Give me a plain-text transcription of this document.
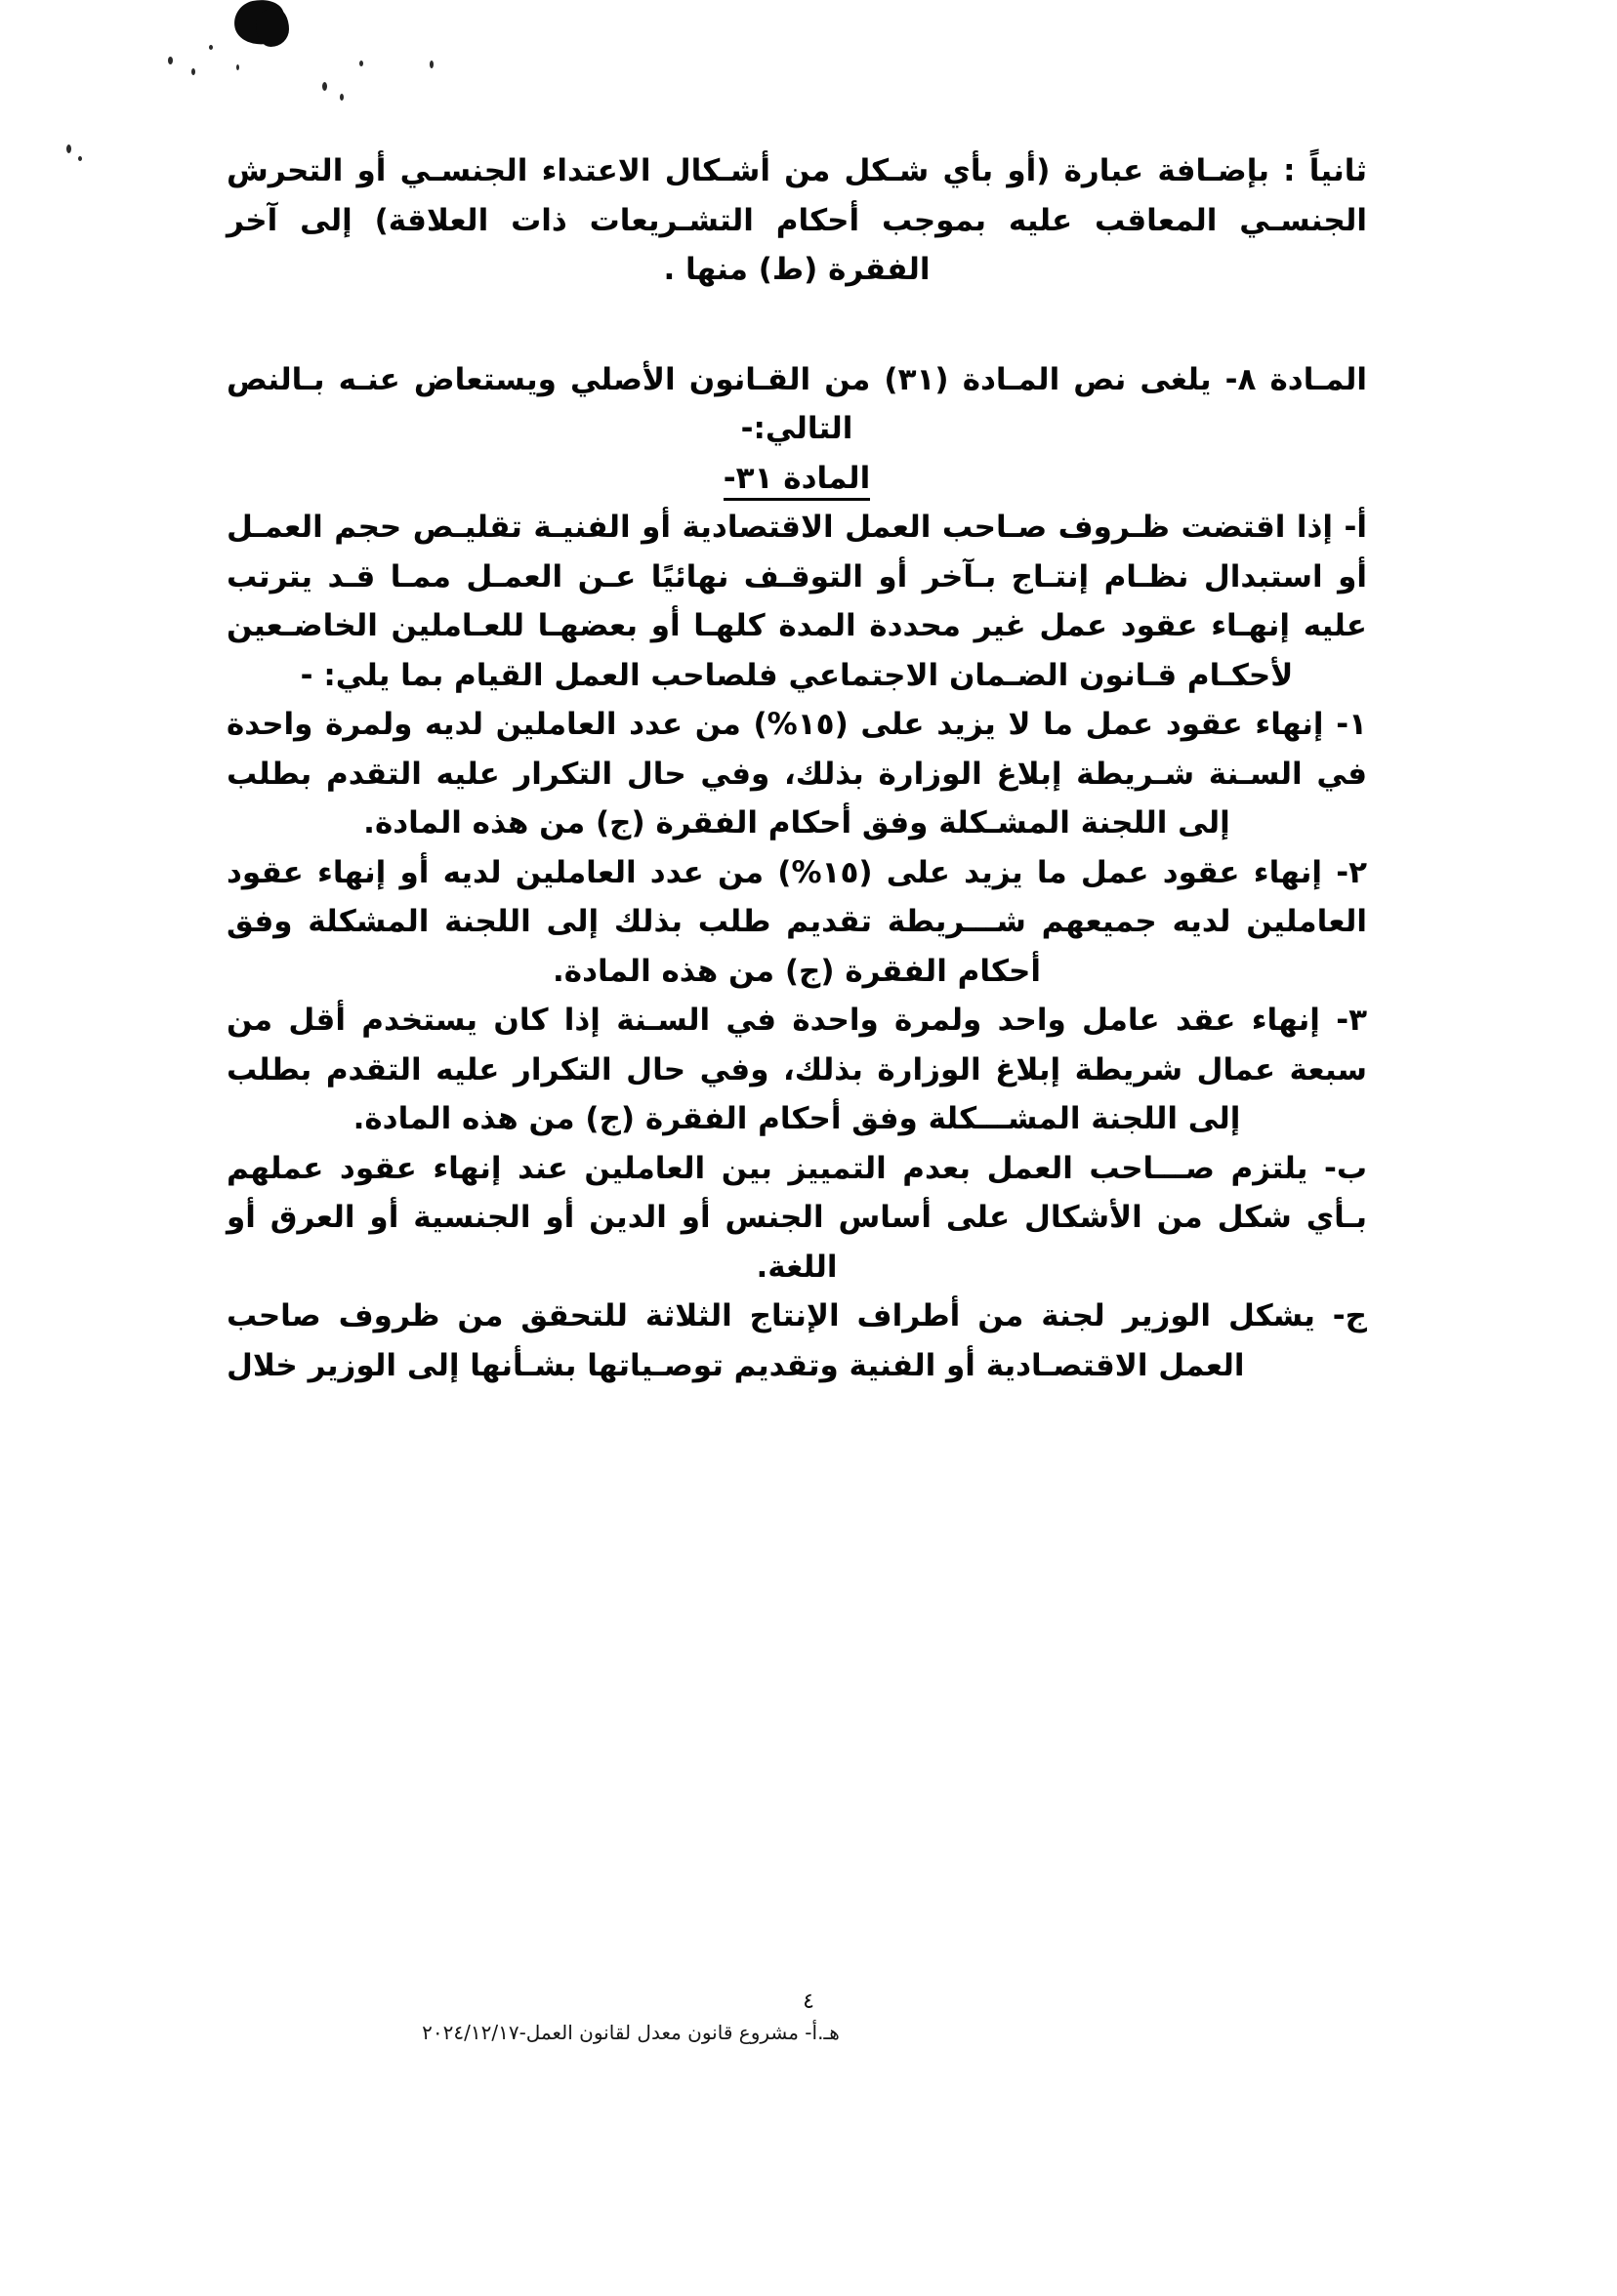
ثانياً : بإضـافة عبارة (أو بأي شـكل من أشـكال الاعتداء الجنسـي أو التحرش الجنسـي المعاقب عليه بموجب أحكام التشـريعات ذات العلاقة) إلى آخر الفقرة (ط) منها .

المـادة ٨- يلغى نص المـادة (٣١) من القـانون الأصلي ويستعاض عنـه بـالنص التالي:-

المادة ٣١-

أ- إذا اقتضت ظـروف صـاحب العمل الاقتصادية أو الفنيـة تقليـص حجم العمـل أو استبدال نظـام إنتـاج بـآخر أو التوقـف نهائيًا عـن العمـل ممـا قـد يترتب عليه إنهـاء عقود عمل غير محددة المدة كلهـا أو بعضهـا للعـاملين الخاضـعين لأحكـام قـانون الضـمان الاجتماعي فلصاحب العمل القيام بما يلي: -

١- إنهاء عقود عمل ما لا يزيد على (١٥%) من عدد العاملين لديه ولمرة واحدة في السـنة شـريطة إبلاغ الوزارة بذلك، وفي حال التكرار عليه التقدم بطلب إلى اللجنة المشـكلة وفق أحكام الفقرة (ج) من هذه المادة.

٢- إنهاء عقود عمل ما يزيد على (١٥%) من عدد العاملين لديه أو إنهاء عقود العاملين لديه جميعهم شـــريطة تقديم طلب بذلك إلى اللجنة المشكلة وفق أحكام الفقرة (ج) من هذه المادة.

٣- إنهاء عقد عامل واحد ولمرة واحدة في السـنة إذا كان يستخدم أقل من سبعة عمال شريطة إبلاغ الوزارة بذلك، وفي حال التكرار عليه التقدم بطلب إلى اللجنة المشـــكلة وفق أحكام الفقرة (ج) من هذه المادة.

ب- يلتزم صـــاحب العمل بعدم التمييز بين العاملين عند إنهاء عقود عملهم بـأي شكل من الأشكال على أساس الجنس أو الدين أو الجنسية أو العرق أو اللغة.

ج- يشكل الوزير لجنة من أطراف الإنتاج الثلاثة للتحقق من ظروف صاحب العمل الاقتصـادية أو الفنية وتقديم توصـياتها بشـأنها إلى الوزير خلال

٤
هـ.أ- مشروع قانون معدل لقانون العمل-٢٠٢٤/١٢/١٧
